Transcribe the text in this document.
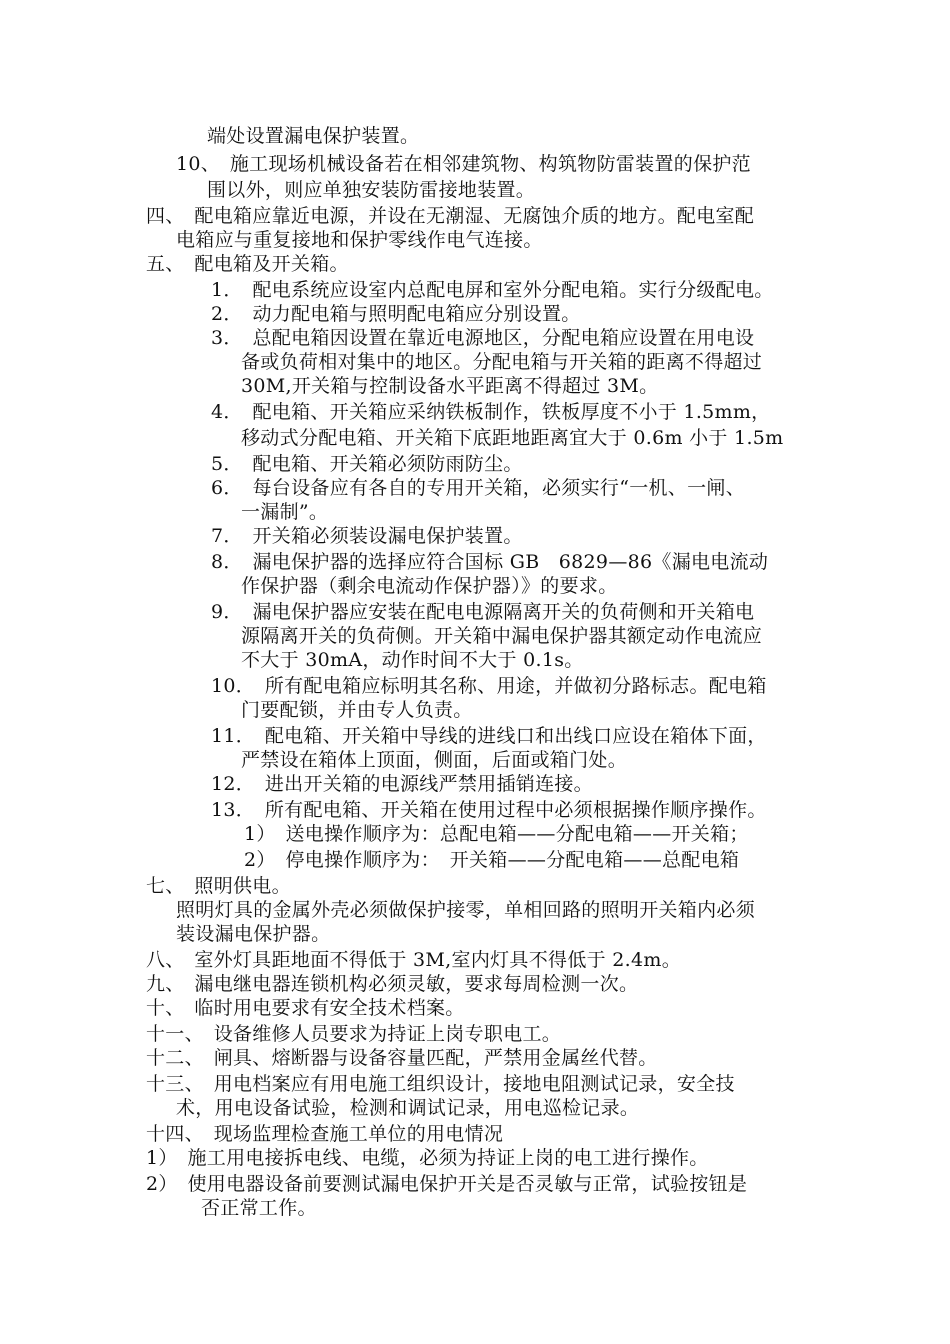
端处设置漏电保护装置。
10、　施工现场机械设备若在相邻建筑物、构筑物防雷装置的保护范
围以外，则应单独安装防雷接地装置。
四、　配电箱应靠近电源，并设在无潮湿、无腐蚀介质的地方。配电室配
电箱应与重复接地和保护零线作电气连接。
五、　配电箱及开关箱。
1．　配电系统应设室内总配电屏和室外分配电箱。实行分级配电。
2．　动力配电箱与照明配电箱应分别设置。
3．　总配电箱因设置在靠近电源地区，分配电箱应设置在用电设
备或负荷相对集中的地区。分配电箱与开关箱的距离不得超过
30M,开关箱与控制设备水平距离不得超过 3M。
4．　配电箱、开关箱应采纳铁板制作，铁板厚度不小于 1.5mm，
移动式分配电箱、开关箱下底距地距离宜大于 0.6m 小于 1.5m
5．　配电箱、开关箱必须防雨防尘。
6．　每台设备应有各自的专用开关箱，必须实行“一机、一闸、
一漏制”。
7．　开关箱必须装设漏电保护装置。
8．　漏电保护器的选择应符合国标 GB　6829—86《漏电电流动
作保护器（剩余电流动作保护器）》的要求。
9．　漏电保护器应安装在配电电源隔离开关的负荷侧和开关箱电
源隔离开关的负荷侧。开关箱中漏电保护器其额定动作电流应
不大于 30mA，动作时间不大于 0.1s。
10．　所有配电箱应标明其名称、用途，并做初分路标志。配电箱
门要配锁，并由专人负责。
11．　配电箱、开关箱中导线的进线口和出线口应设在箱体下面，
严禁设在箱体上顶面，侧面，后面或箱门处。
12．　进出开关箱的电源线严禁用插销连接。
13．　所有配电箱、开关箱在使用过程中必须根据操作顺序操作。
1）　送电操作顺序为：总配电箱——分配电箱——开关箱；
2）　停电操作顺序为：　开关箱——分配电箱——总配电箱
七、　照明供电。
照明灯具的金属外壳必须做保护接零，单相回路的照明开关箱内必须
装设漏电保护器。
八、　室外灯具距地面不得低于 3M,室内灯具不得低于 2.4m。
九、　漏电继电器连锁机构必须灵敏，要求每周检测一次。
十、　临时用电要求有安全技术档案。
十一、　设备维修人员要求为持证上岗专职电工。
十二、　闸具、熔断器与设备容量匹配，严禁用金属丝代替。
十三、　用电档案应有用电施工组织设计，接地电阻测试记录，安全技
术，用电设备试验，检测和调试记录，用电巡检记录。
十四、　现场监理检查施工单位的用电情况
1）　施工用电接拆电线、电缆，必须为持证上岗的电工进行操作。
2）　使用电器设备前要测试漏电保护开关是否灵敏与正常，试验按钮是
否正常工作。
